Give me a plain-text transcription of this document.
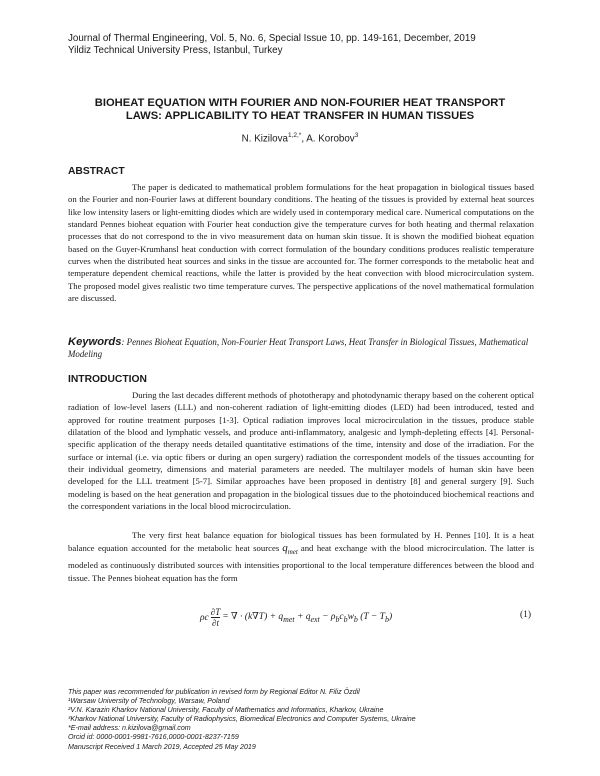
Journal of Thermal Engineering, Vol. 5, No. 6, Special Issue 10, pp. 149-161, December, 2019
Yildiz Technical University Press, Istanbul, Turkey
BIOHEAT EQUATION WITH FOURIER AND NON-FOURIER HEAT TRANSPORT
LAWS: APPLICABILITY TO HEAT TRANSFER IN HUMAN TISSUES
N. Kizilova$^{1,2,*}$, A. Korobov$^3$
ABSTRACT
The paper is dedicated to mathematical problem formulations for the heat propagation in biological tissues based on the Fourier and non-Fourier laws at different boundary conditions. The heating of the tissues is provided by external heat sources like low intensity lasers or light-emitting diodes which are widely used in contemporary medical care. Numerical computations on the standard Pennes bioheat equation with Fourier heat conduction give the temperature curves for both heating and thermal relaxation processes that do not correspond to the in vivo measurement data on human skin tissue. It is shown the modified bioheat equation based on the Guyer-Krumhansl heat conduction with correct formulation of the boundary conditions produces realistic temperature curves when the distributed heat sources and sinks in the tissue are accounted for. The former corresponds to the metabolic heat and temperature dependent chemical reactions, while the latter is provided by the heat convection with blood microcirculation system. The proposed model gives realistic two time temperature curves. The perspective applications of the novel mathematical formulation are discussed.
Keywords: Pennes Bioheat Equation, Non-Fourier Heat Transport Laws, Heat Transfer in Biological Tissues, Mathematical Modeling
INTRODUCTION
During the last decades different methods of phototherapy and photodynamic therapy based on the coherent optical radiation of low-level lasers (LLL) and non-coherent radiation of light-emitting diodes (LED) had been introduced, tested and approved for routine treatment purposes [1-3]. Optical radiation improves local microcirculation in the tissues, produce stable dilatation of the blood and lymphatic vessels, and produce anti-inflammatory, analgesic and lymph-depleting effects [4]. Personal-specific application of the therapy needs detailed quantitative estimations of the time, intensity and dose of the irradiation. For the surface or internal (i.e. via optic fibers or during an open surgery) radiation the correspondent models of the tissues accounting for their individual geometry, dimensions and material parameters are needed. The multilayer models of human skin have been developed for the LLL treatment [5-7]. Similar approaches have been proposed in dentistry [8] and general surgery [9]. Such modeling is based on the heat generation and propagation in the biological tissues due to the photoinduced biochemical reactions and the correspondent variations in the local blood microcirculation.
The very first heat balance equation for biological tissues has been formulated by H. Pennes [10]. It is a heat balance equation accounted for the metabolic heat sources $q_{met}$ and heat exchange with the blood microcirculation. The latter is modeled as continuously distributed sources with intensities proportional to the local temperature differences between the blood and tissue. The Pennes bioheat equation has the form
ρc $\frac{\partial T}{\partial t}$ = ∇ · $(k\nabla T) + q_{met} + q_{ext} - \rho_bc_bw_b$ $(T - T_b)$	(1)
This paper was recommended for publication in revised form by Regional Editor N. Filiz Özdil
¹Warsaw University of Technology, Warsaw, Poland
²V.N. Karazin Kharkov National University, Faculty of Mathematics and Informatics, Kharkov, Ukraine
³Kharkov National University, Faculty of Radiophysics, Biomedical Electronics and Computer Systems, Ukraine
*E-mail address: n.kizilova@gmail.com
Orcid id: 0000-0001-9981-7616,0000-0001-8237-7159
Manuscript Received 1 March 2019, Accepted 25 May 2019
